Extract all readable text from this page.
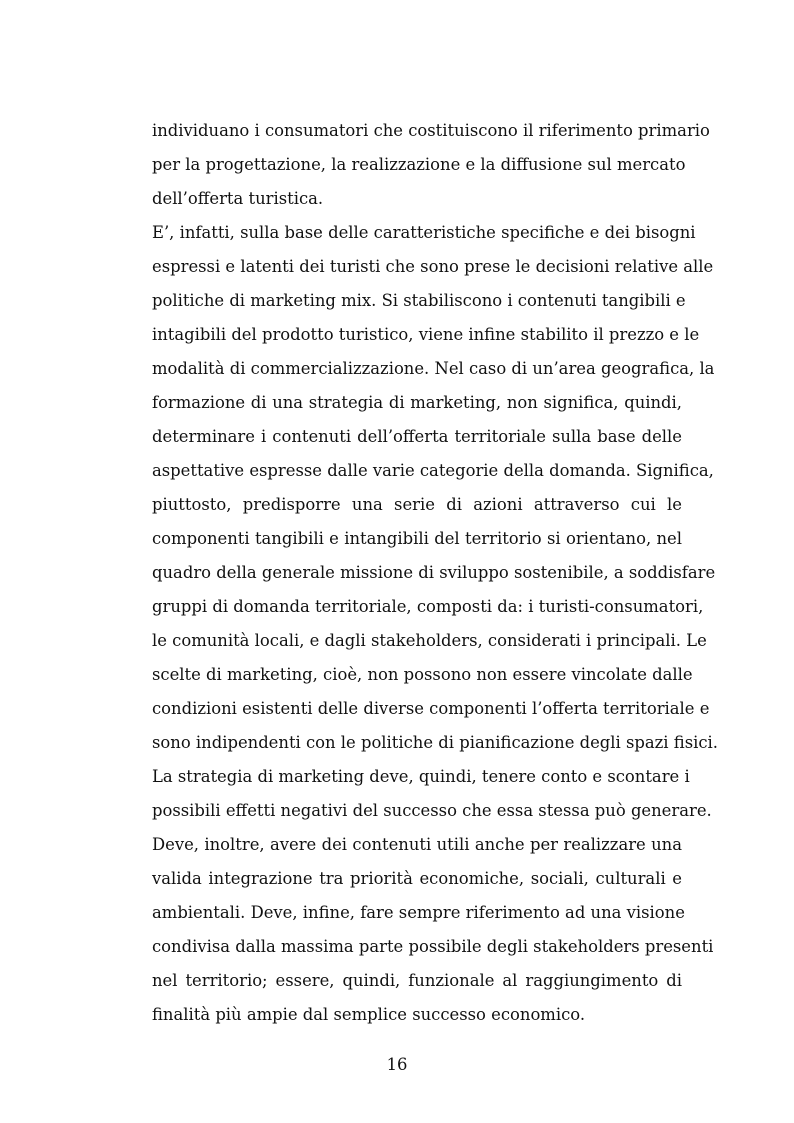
individuano i consumatori che costituiscono il riferimento primario
per la progettazione, la realizzazione e la diffusione sul mercato
dell’offerta turistica.
E’, infatti, sulla base delle caratteristiche specifiche e dei bisogni
espressi e latenti dei turisti che sono prese le decisioni relative alle
politiche di marketing mix. Si stabiliscono i contenuti tangibili e
intagibili del prodotto turistico, viene infine stabilito il prezzo e le
modalità di commercializzazione. Nel caso di un’area geografica, la
formazione di una strategia di marketing, non significa, quindi,
determinare i contenuti dell’offerta territoriale sulla base delle
aspettative espresse dalle varie categorie della domanda. Significa,
piuttosto, predisporre una serie di azioni attraverso cui le
componenti tangibili e intangibili del territorio si orientano, nel
quadro della generale missione di sviluppo sostenibile, a soddisfare
gruppi di domanda territoriale, composti da: i turisti-consumatori,
le comunità locali, e dagli stakeholders, considerati i principali. Le
scelte di marketing, cioè, non possono non essere vincolate dalle
condizioni esistenti delle diverse componenti l’offerta territoriale e
sono indipendenti con le politiche di pianificazione degli spazi fisici.
La strategia di marketing deve, quindi, tenere conto e scontare i
possibili effetti negativi del successo che essa stessa può generare.
Deve, inoltre, avere dei contenuti utili anche per realizzare una
valida integrazione tra priorità economiche, sociali, culturali e
ambientali. Deve, infine, fare sempre riferimento ad una visione
condivisa dalla massima parte possibile degli stakeholders presenti
nel territorio; essere, quindi, funzionale al raggiungimento di
finalità più ampie dal semplice successo economico.
16
